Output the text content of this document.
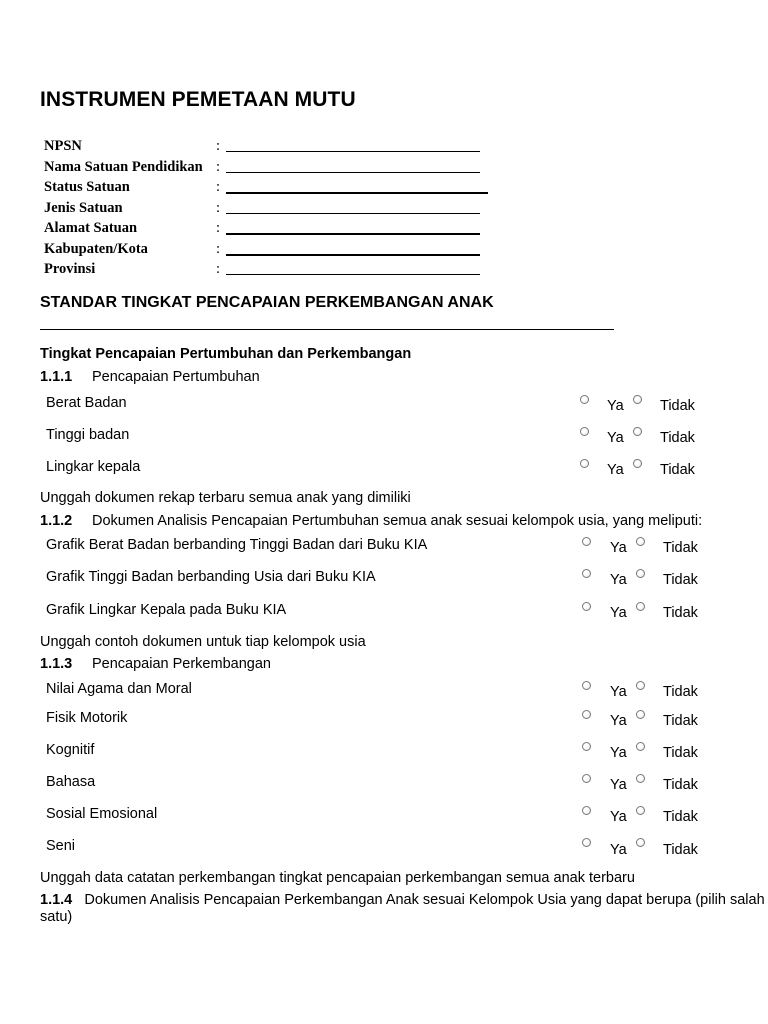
INSTRUMEN PEMETAAN MUTU
NPSN	:
Nama Satuan Pendidikan :
Status Satuan	:
Jenis Satuan	:
Alamat Satuan	:
Kabupaten/Kota	:
Provinsi	:
STANDAR TINGKAT PENCAPAIAN PERKEMBANGAN ANAK
Tingkat Pencapaian Pertumbuhan dan Perkembangan
1.1.1 Pencapaian Pertumbuhan
Berat Badan	Ya	Tidak
Tinggi badan	Ya	Tidak
Lingkar kepala	Ya	Tidak
Unggah dokumen rekap terbaru semua anak yang dimiliki
1.1.2 Dokumen Analisis Pencapaian Pertumbuhan semua anak sesuai kelompok usia, yang meliputi:
Grafik Berat Badan berbanding Tinggi Badan dari Buku KIA	Ya	Tidak
Grafik Tinggi Badan berbanding Usia dari Buku KIA	Ya	Tidak
Grafik Lingkar Kepala pada Buku KIA	Ya	Tidak
Unggah contoh dokumen untuk tiap kelompok usia
1.1.3 Pencapaian Perkembangan
Nilai Agama dan Moral	Ya	Tidak
Fisik Motorik	Ya	Tidak
Kognitif	Ya	Tidak
Bahasa	Ya	Tidak
Sosial Emosional	Ya	Tidak
Seni	Ya	Tidak
Unggah data catatan perkembangan tingkat pencapaian perkembangan semua anak terbaru
1.1.4 Dokumen Analisis Pencapaian Perkembangan Anak sesuai Kelompok Usia yang dapat berupa (pilih salah satu)
